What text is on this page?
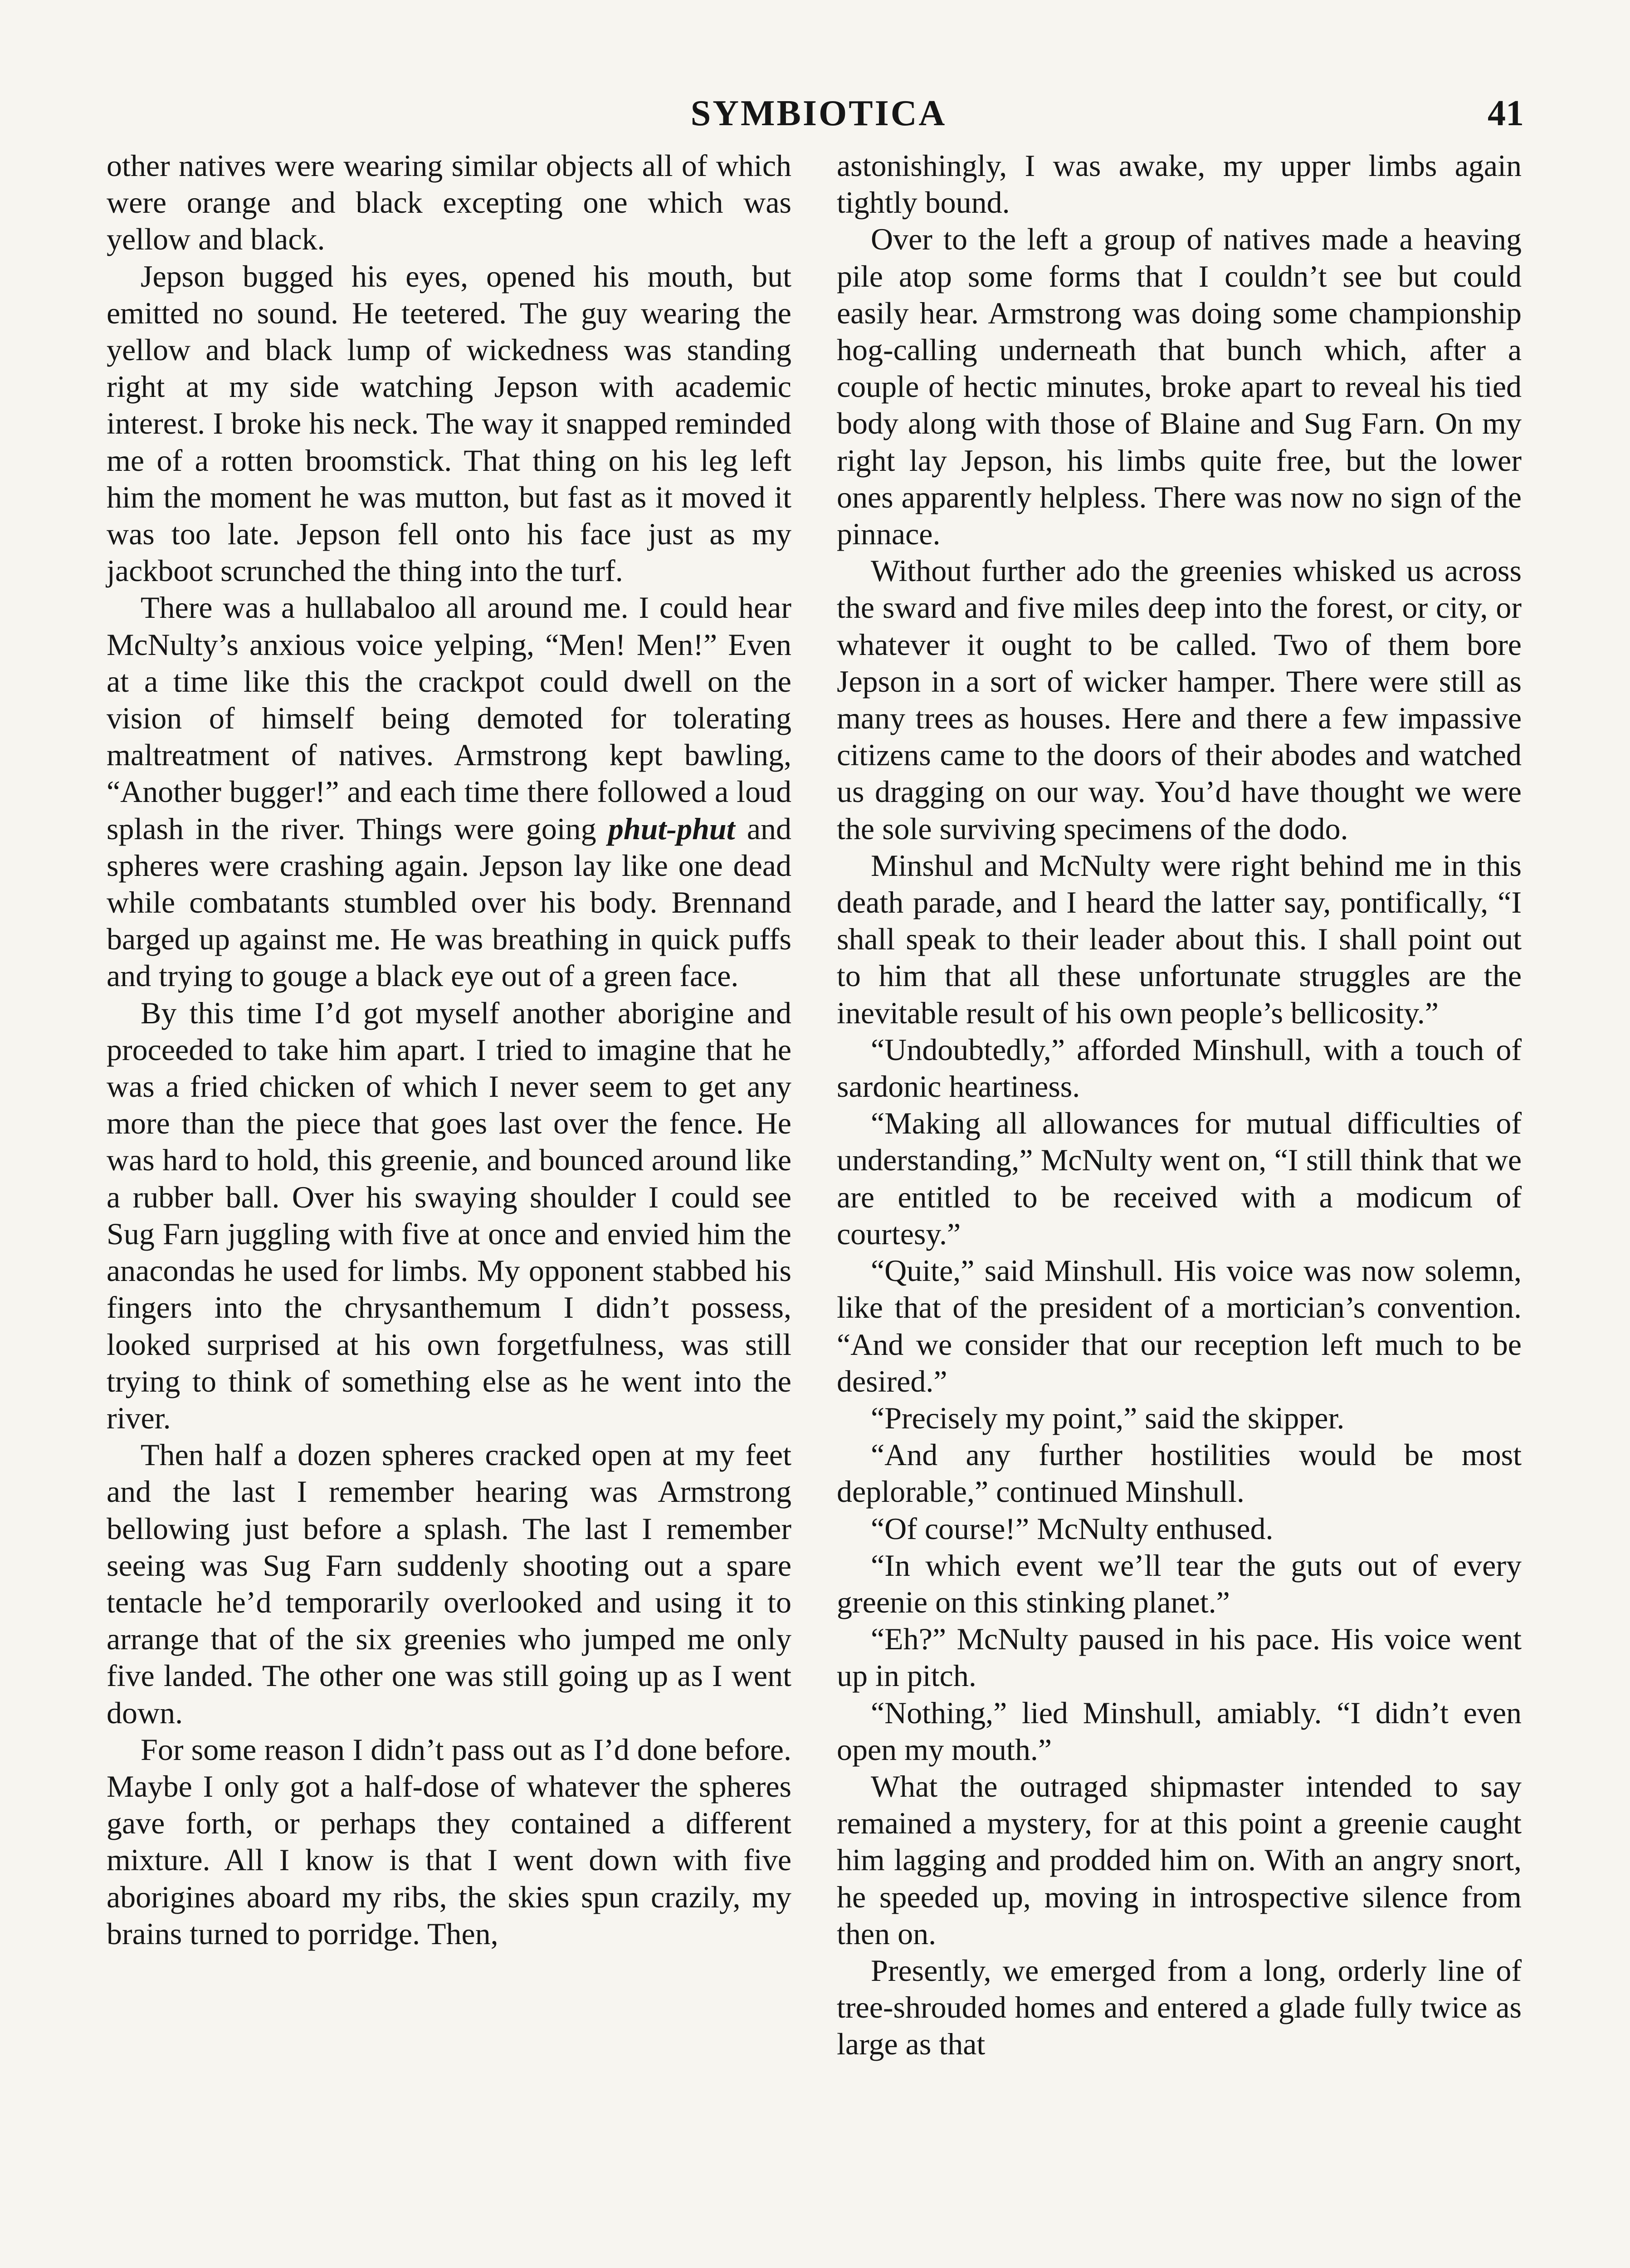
SYMBIOTICA	41

other natives were wearing similar objects all of which were orange and black excepting one which was yellow and black.

Jepson bugged his eyes, opened his mouth, but emitted no sound. He teetered. The guy wearing the yellow and black lump of wickedness was standing right at my side watching Jepson with academic interest. I broke his neck. The way it snapped reminded me of a rotten broomstick. That thing on his leg left him the moment he was mutton, but fast as it moved it was too late. Jepson fell onto his face just as my jackboot scrunched the thing into the turf.

There was a hullabaloo all around me. I could hear McNulty’s anxious voice yelping, “Men! Men!” Even at a time like this the crackpot could dwell on the vision of himself being demoted for tolerating maltreatment of natives. Armstrong kept bawling, “Another bugger!” and each time there followed a loud splash in the river. Things were going phut-phut and spheres were crashing again. Jepson lay like one dead while combatants stumbled over his body. Brennand barged up against me. He was breathing in quick puffs and trying to gouge a black eye out of a green face.

By this time I’d got myself another aborigine and proceeded to take him apart. I tried to imagine that he was a fried chicken of which I never seem to get any more than the piece that goes last over the fence. He was hard to hold, this greenie, and bounced around like a rubber ball. Over his swaying shoulder I could see Sug Farn juggling with five at once and envied him the anacondas he used for limbs. My opponent stabbed his fingers into the chrysanthemum I didn’t possess, looked surprised at his own forgetfulness, was still trying to think of something else as he went into the river.

Then half a dozen spheres cracked open at my feet and the last I remember hearing was Armstrong bellowing just before a splash. The last I remember seeing was Sug Farn suddenly shooting out a spare tentacle he’d temporarily overlooked and using it to arrange that of the six greenies who jumped me only five landed. The other one was still going up as I went down.

For some reason I didn’t pass out as I’d done before. Maybe I only got a half-dose of whatever the spheres gave forth, or perhaps they contained a different mixture. All I know is that I went down with five aborigines aboard my ribs, the skies spun crazily, my brains turned to porridge. Then,

astonishingly, I was awake, my upper limbs again tightly bound.

Over to the left a group of natives made a heaving pile atop some forms that I couldn’t see but could easily hear. Armstrong was doing some championship hog-calling underneath that bunch which, after a couple of hectic minutes, broke apart to reveal his tied body along with those of Blaine and Sug Farn. On my right lay Jepson, his limbs quite free, but the lower ones apparently helpless. There was now no sign of the pinnace.

Without further ado the greenies whisked us across the sward and five miles deep into the forest, or city, or whatever it ought to be called. Two of them bore Jepson in a sort of wicker hamper. There were still as many trees as houses. Here and there a few impassive citizens came to the doors of their abodes and watched us dragging on our way. You’d have thought we were the sole surviving specimens of the dodo.

Minshul and McNulty were right behind me in this death parade, and I heard the latter say, pontifically, “I shall speak to their leader about this. I shall point out to him that all these unfortunate struggles are the inevitable result of his own people’s bellicosity.”

“Undoubtedly,” afforded Minshull, with a touch of sardonic heartiness.

“Making all allowances for mutual difficulties of understanding,” McNulty went on, “I still think that we are entitled to be received with a modicum of courtesy.”

“Quite,” said Minshull. His voice was now solemn, like that of the president of a mortician’s convention. “And we consider that our reception left much to be desired.”

“Precisely my point,” said the skipper.

“And any further hostilities would be most deplorable,” continued Minshull.

“Of course!” McNulty enthused.

“In which event we’ll tear the guts out of every greenie on this stinking planet.”

“Eh?” McNulty paused in his pace. His voice went up in pitch.

“Nothing,” lied Minshull, amiably. “I didn’t even open my mouth.”

What the outraged shipmaster intended to say remained a mystery, for at this point a greenie caught him lagging and prodded him on. With an angry snort, he speeded up, moving in introspective silence from then on.

Presently, we emerged from a long, orderly line of tree-shrouded homes and entered a glade fully twice as large as that
